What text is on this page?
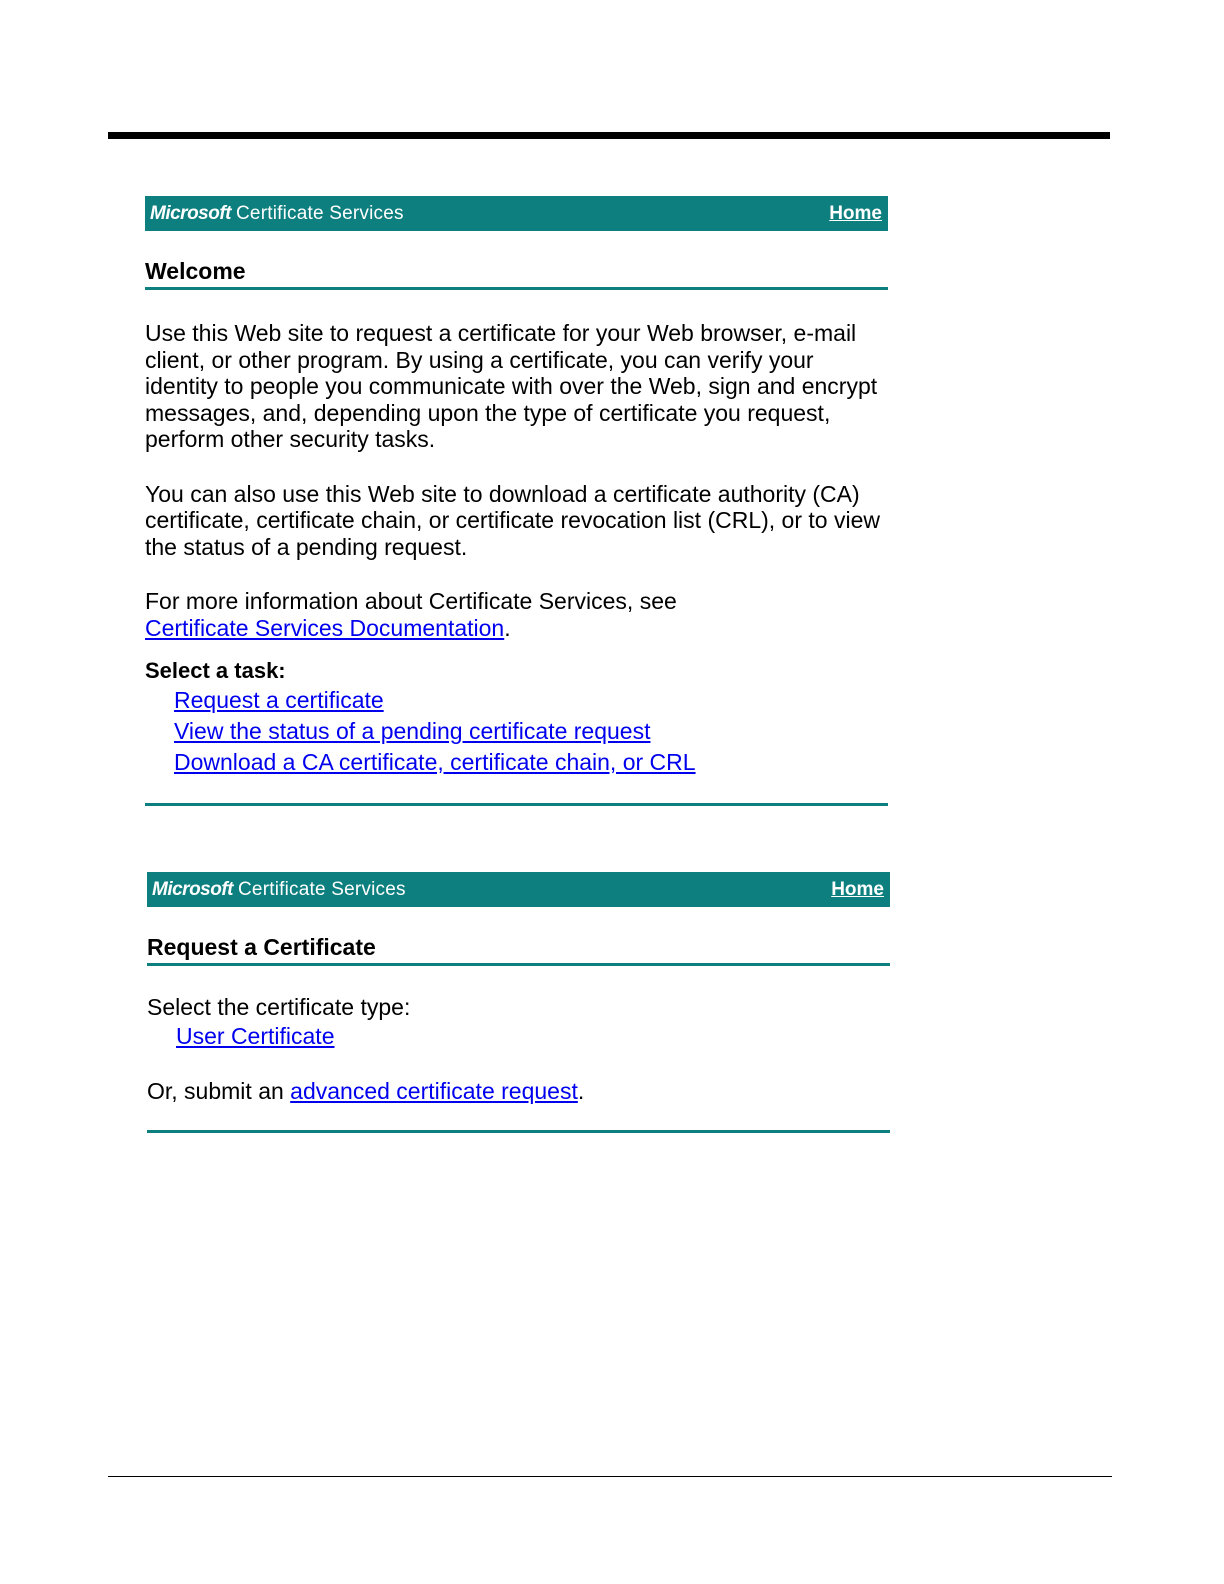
Microsoft Certificate Services	Home
Welcome

Use this Web site to request a certificate for your Web browser, e-mail client, or other program. By using a certificate, you can verify your identity to people you communicate with over the Web, sign and encrypt messages, and, depending upon the type of certificate you request, perform other security tasks.

You can also use this Web site to download a certificate authority (CA) certificate, certificate chain, or certificate revocation list (CRL), or to view the status of a pending request.

For more information about Certificate Services, see
Certificate Services Documentation.

Select a task:

Request a certificate
View the status of a pending certificate request
Download a CA certificate, certificate chain, or CRL
Microsoft Certificate Services	Home
Request a Certificate

Select the certificate type:

User Certificate

Or, submit an advanced certificate request.
